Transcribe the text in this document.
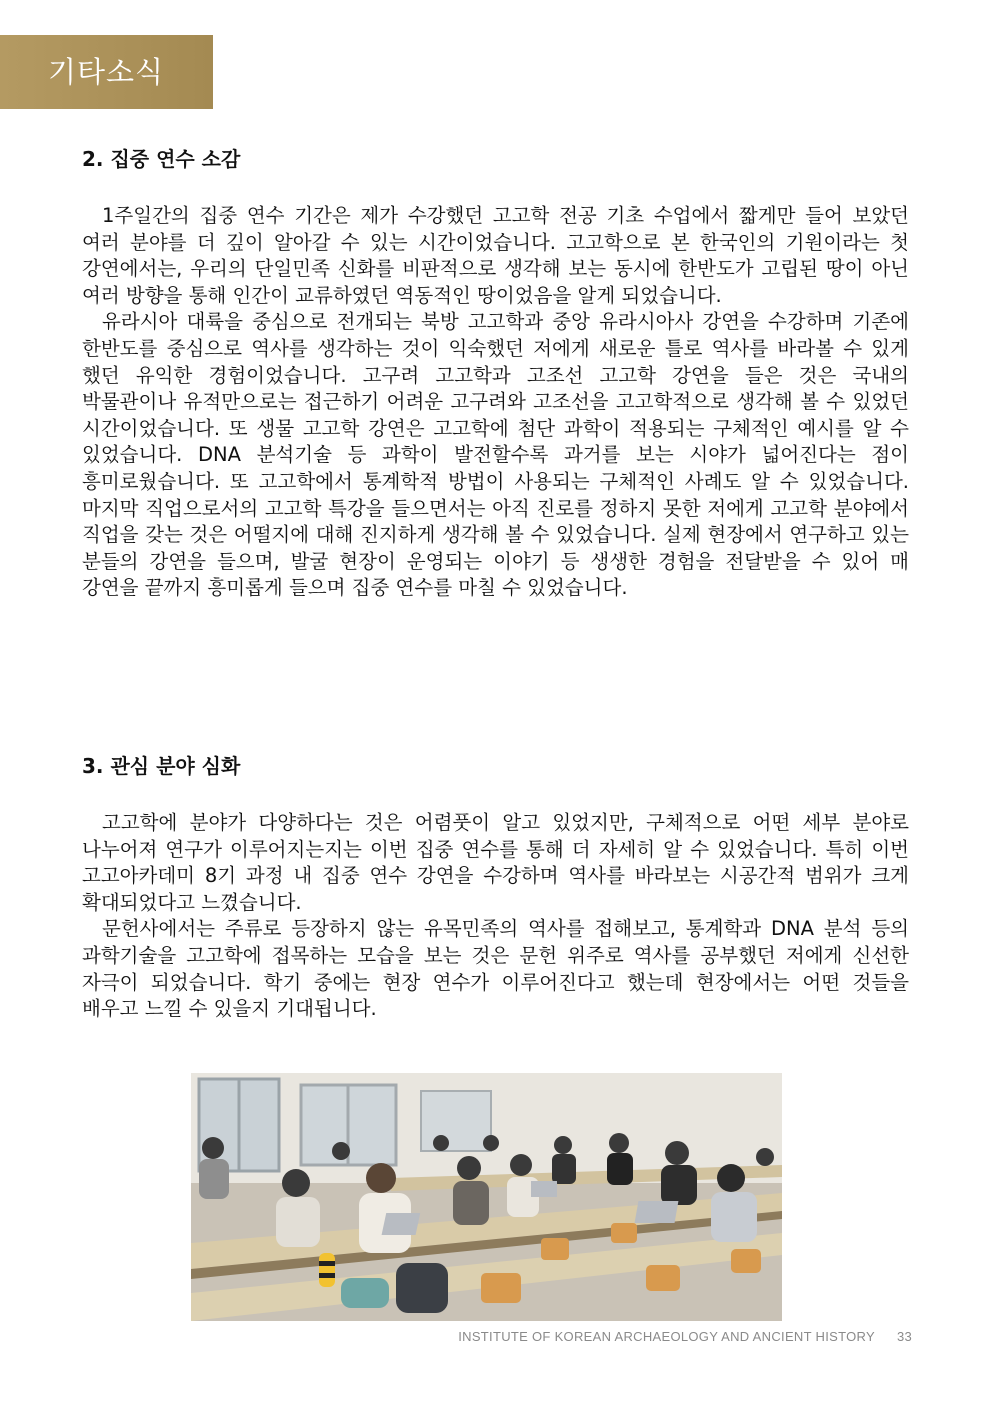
기타소식
2. 집중 연수 소감

1주일간의 집중 연수 기간은 제가 수강했던 고고학 전공 기초 수업에서 짧게만 들어 보았던 여러 분야를 더 깊이 알아갈 수 있는 시간이었습니다. 고고학으로 본 한국인의 기원이라는 첫 강연에서는, 우리의 단일민족 신화를 비판적으로 생각해 보는 동시에 한반도가 고립된 땅이 아닌 여러 방향을 통해 인간이 교류하였던 역동적인 땅이었음을 알게 되었습니다.

유라시아 대륙을 중심으로 전개되는 북방 고고학과 중앙 유라시아사 강연을 수강하며 기존에 한반도를 중심으로 역사를 생각하는 것이 익숙했던 저에게 새로운 틀로 역사를 바라볼 수 있게 했던 유익한 경험이었습니다. 고구려 고고학과 고조선 고고학 강연을 들은 것은 국내의 박물관이나 유적만으로는 접근하기 어려운 고구려와 고조선을 고고학적으로 생각해 볼 수 있었던 시간이었습니다. 또 생물 고고학 강연은 고고학에 첨단 과학이 적용되는 구체적인 예시를 알 수 있었습니다. DNA 분석기술 등 과학이 발전할수록 과거를 보는 시야가 넓어진다는 점이 흥미로웠습니다. 또 고고학에서 통계학적 방법이 사용되는 구체적인 사례도 알 수 있었습니다. 마지막 직업으로서의 고고학 특강을 들으면서는 아직 진로를 정하지 못한 저에게 고고학 분야에서 직업을 갖는 것은 어떨지에 대해 진지하게 생각해 볼 수 있었습니다. 실제 현장에서 연구하고 있는 분들의 강연을 들으며, 발굴 현장이 운영되는 이야기 등 생생한 경험을 전달받을 수 있어 매 강연을 끝까지 흥미롭게 들으며 집중 연수를 마칠 수 있었습니다.

3. 관심 분야 심화

고고학에 분야가 다양하다는 것은 어렴풋이 알고 있었지만, 구체적으로 어떤 세부 분야로 나누어져 연구가 이루어지는지는 이번 집중 연수를 통해 더 자세히 알 수 있었습니다. 특히 이번 고고아카데미 8기 과정 내 집중 연수 강연을 수강하며 역사를 바라보는 시공간적 범위가 크게 확대되었다고 느꼈습니다.

문헌사에서는 주류로 등장하지 않는 유목민족의 역사를 접해보고, 통계학과 DNA 분석 등의 과학기술을 고고학에 접목하는 모습을 보는 것은 문헌 위주로 역사를 공부했던 저에게 신선한 자극이 되었습니다. 학기 중에는 현장 연수가 이루어진다고 했는데 현장에서는 어떤 것들을 배우고 느낄 수 있을지 기대됩니다.

INSTITUTE OF KOREAN ARCHAEOLOGY AND ANCIENT HISTORY 33
